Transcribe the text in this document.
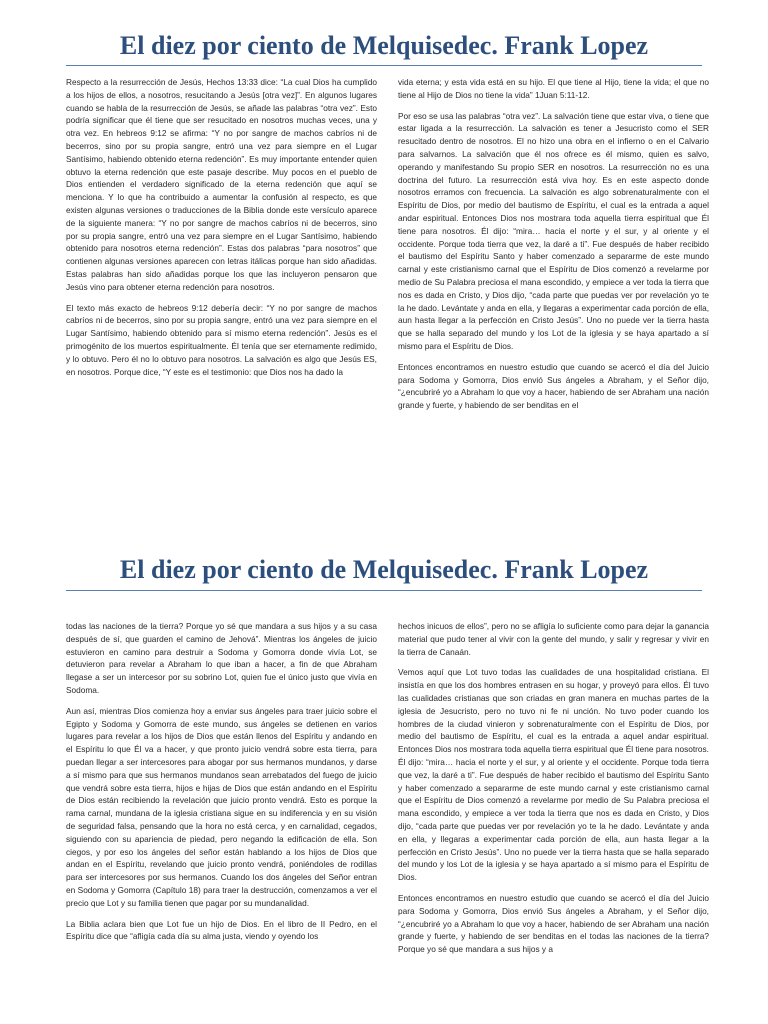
El diez por ciento de Melquisedec. Frank Lopez

Respecto a la resurrección de Jesús, Hechos 13:33 dice: “La cual Dios ha cumplido a los hijos de ellos, a nosotros, resucitando a Jesús [otra vez]”. En algunos lugares cuando se habla de la resurrección de Jesús, se añade las palabras “otra vez”. Esto podría significar que él tiene que ser resucitado en nosotros muchas veces, una y otra vez. En hebreos 9:12 se afirma: “Y no por sangre de machos cabríos ni de becerros, sino por su propia sangre, entró una vez para siempre en el Lugar Santísimo, habiendo obtenido eterna redención”. Es muy importante entender quien obtuvo la eterna redención que este pasaje describe. Muy pocos en el pueblo de Dios entienden el verdadero significado de la eterna redención que aquí se menciona. Y lo que ha contribuido a aumentar la confusión al respecto, es que existen algunas versiones o traducciones de la Biblia donde este versículo aparece de la siguiente manera: “Y no por sangre de machos cabríos ni de becerros, sino por su propia sangre, entró una vez para siempre en el Lugar Santísimo, habiendo obtenido para nosotros eterna redención”. Estas dos palabras “para nosotros” que contienen algunas versiones aparecen con letras itálicas porque han sido añadidas. Estas palabras han sido añadidas porque los que las incluyeron pensaron que Jesús vino para obtener eterna redención para nosotros.

El texto más exacto de hebreos 9:12 debería decir: “Y no por sangre de machos cabríos ni de becerros, sino por su propia sangre, entró una vez para siempre en el Lugar Santísimo, habiendo obtenido para sí mismo eterna redención”. Jesús es el primogénito de los muertos espiritualmente. Él tenía que ser eternamente redimido, y lo obtuvo. Pero él no lo obtuvo para nosotros. La salvación es algo que Jesús ES, en nosotros. Porque dice, “Y este es el testimonio: que Dios nos ha dado la

vida eterna; y esta vida está en su hijo. El que tiene al Hijo, tiene la vida; el que no tiene al Hijo de Dios no tiene la vida” 1Juan 5:11-12.

Por eso se usa las palabras “otra vez”. La salvación tiene que estar viva, o tiene que estar ligada a la resurrección. La salvación es tener a Jesucristo como el SER resucitado dentro de nosotros. El no hizo una obra en el infierno o en el Calvario para salvarnos. La salvación que él nos ofrece es él mismo, quien es salvo, operando y manifestando Su propio SER en nosotros. La resurrección no es una doctrina del futuro. La resurrección está viva hoy. Es en este aspecto donde nosotros erramos con frecuencia. La salvación es algo sobrenaturalmente con el Espíritu de Dios, por medio del bautismo de Espíritu, el cual es la entrada a aquel andar espiritual. Entonces Dios nos mostrara toda aquella tierra espiritual que Él tiene para nosotros. Él dijo: “mira… hacia el norte y el sur, y al oriente y el occidente. Porque toda tierra que vez, la daré a ti”. Fue después de haber recibido el bautismo del Espíritu Santo y haber comenzado a separarme de este mundo carnal y este cristianismo carnal que el Espíritu de Dios comenzó a revelarme por medio de Su Palabra preciosa el mana escondido, y empiece a ver toda la tierra que nos es dada en Cristo, y Dios dijo, “cada parte que puedas ver por revelación yo te la he dado. Levántate y anda en ella, y llegaras a experimentar cada porción de ella, aun hasta llegar a la perfección en Cristo Jesús”. Uno no puede ver la tierra hasta que se halla separado del mundo y los Lot de la iglesia y se haya apartado a sí mismo para el Espíritu de Dios.

Entonces encontramos en nuestro estudio que cuando se acercó el día del Juicio para Sodoma y Gomorra, Dios envió Sus ángeles a Abraham, y el Señor dijo, “¿encubriré yo a Abraham lo que voy a hacer, habiendo de ser Abraham una nación grande y fuerte, y habiendo de ser benditas en el

El diez por ciento de Melquisedec. Frank Lopez

todas las naciones de la tierra? Porque yo sé que mandara a sus hijos y a su casa después de sí, que guarden el camino de Jehová”. Mientras los ángeles de juicio estuvieron en camino para destruir a Sodoma y Gomorra donde vivía Lot, se detuvieron para revelar a Abraham lo que iban a hacer, a fin de que Abraham llegase a ser un intercesor por su sobrino Lot, quien fue el único justo que vivía en Sodoma.

Aun así, mientras Dios comienza hoy a enviar sus ángeles para traer juicio sobre el Egipto y Sodoma y Gomorra de este mundo, sus ángeles se detienen en varios lugares para revelar a los hijos de Dios que están llenos del Espíritu y andando en el Espíritu lo que Él va a hacer, y que pronto juicio vendrá sobre esta tierra, para puedan llegar a ser intercesores para abogar por sus hermanos mundanos, y darse a sí mismo para que sus hermanos mundanos sean arrebatados del fuego de juicio que vendrá sobre esta tierra, hijos e hijas de Dios que están andando en el Espíritu de Dios están recibiendo la revelación que juicio pronto vendrá. Esto es porque la rama carnal, mundana de la iglesia cristiana sigue en su indiferencia y en su visión de seguridad falsa, pensando que la hora no está cerca, y en carnalidad, cegados, siguiendo con su apariencia de piedad, pero negando la edificación de ella. Son ciegos, y por eso los ángeles del señor están hablando a los hijos de Dios que andan en el Espíritu, revelando que juicio pronto vendrá, poniéndoles de rodillas para ser intercesores por sus hermanos. Cuando los dos ángeles del Señor entran en Sodoma y Gomorra (Capítulo 18) para traer la destrucción, comenzamos a ver el precio que Lot y su familia tienen que pagar por su mundanalidad.

La Biblia aclara bien que Lot fue un hijo de Dios. En el libro de II Pedro, en el Espíritu dice que “afligía cada día su alma justa, viendo y oyendo los

hechos inicuos de ellos”, pero no se afligía lo suficiente como para dejar la ganancia material que pudo tener al vivir con la gente del mundo, y salir y regresar y vivir en la tierra de Canaán.

Vemos aquí que Lot tuvo todas las cualidades de una hospitalidad cristiana. El insistía en que los dos hombres entrasen en su hogar, y proveyó para ellos. Él tuvo las cualidades cristianas que son criadas en gran manera en muchas partes de la iglesia de Jesucristo, pero no tuvo ni fe ni unción. No tuvo poder cuando los hombres de la ciudad vinieron y sobrenaturalmente con el Espíritu de Dios, por medio del bautismo de Espíritu, el cual es la entrada a aquel andar espiritual. Entonces Dios nos mostrara toda aquella tierra espiritual que Él tiene para nosotros. Él dijo: “mira… hacia el norte y el sur, y al oriente y el occidente. Porque toda tierra que vez, la daré a ti”. Fue después de haber recibido el bautismo del Espíritu Santo y haber comenzado a separarme de este mundo carnal y este cristianismo carnal que el Espíritu de Dios comenzó a revelarme por medio de Su Palabra preciosa el mana escondido, y empiece a ver toda la tierra que nos es dada en Cristo, y Dios dijo, “cada parte que puedas ver por revelación yo te la he dado. Levántate y anda en ella, y llegaras a experimentar cada porción de ella, aun hasta llegar a la perfección en Cristo Jesús”. Uno no puede ver la tierra hasta que se halla separado del mundo y los Lot de la iglesia y se haya apartado a sí mismo para el Espíritu de Dios.

Entonces encontramos en nuestro estudio que cuando se acercó el día del Juicio para Sodoma y Gomorra, Dios envió Sus ángeles a Abraham, y el Señor dijo, “¿encubriré yo a Abraham lo que voy a hacer, habiendo de ser Abraham una nación grande y fuerte, y habiendo de ser benditas en el todas las naciones de la tierra? Porque yo sé que mandara a sus hijos y a
